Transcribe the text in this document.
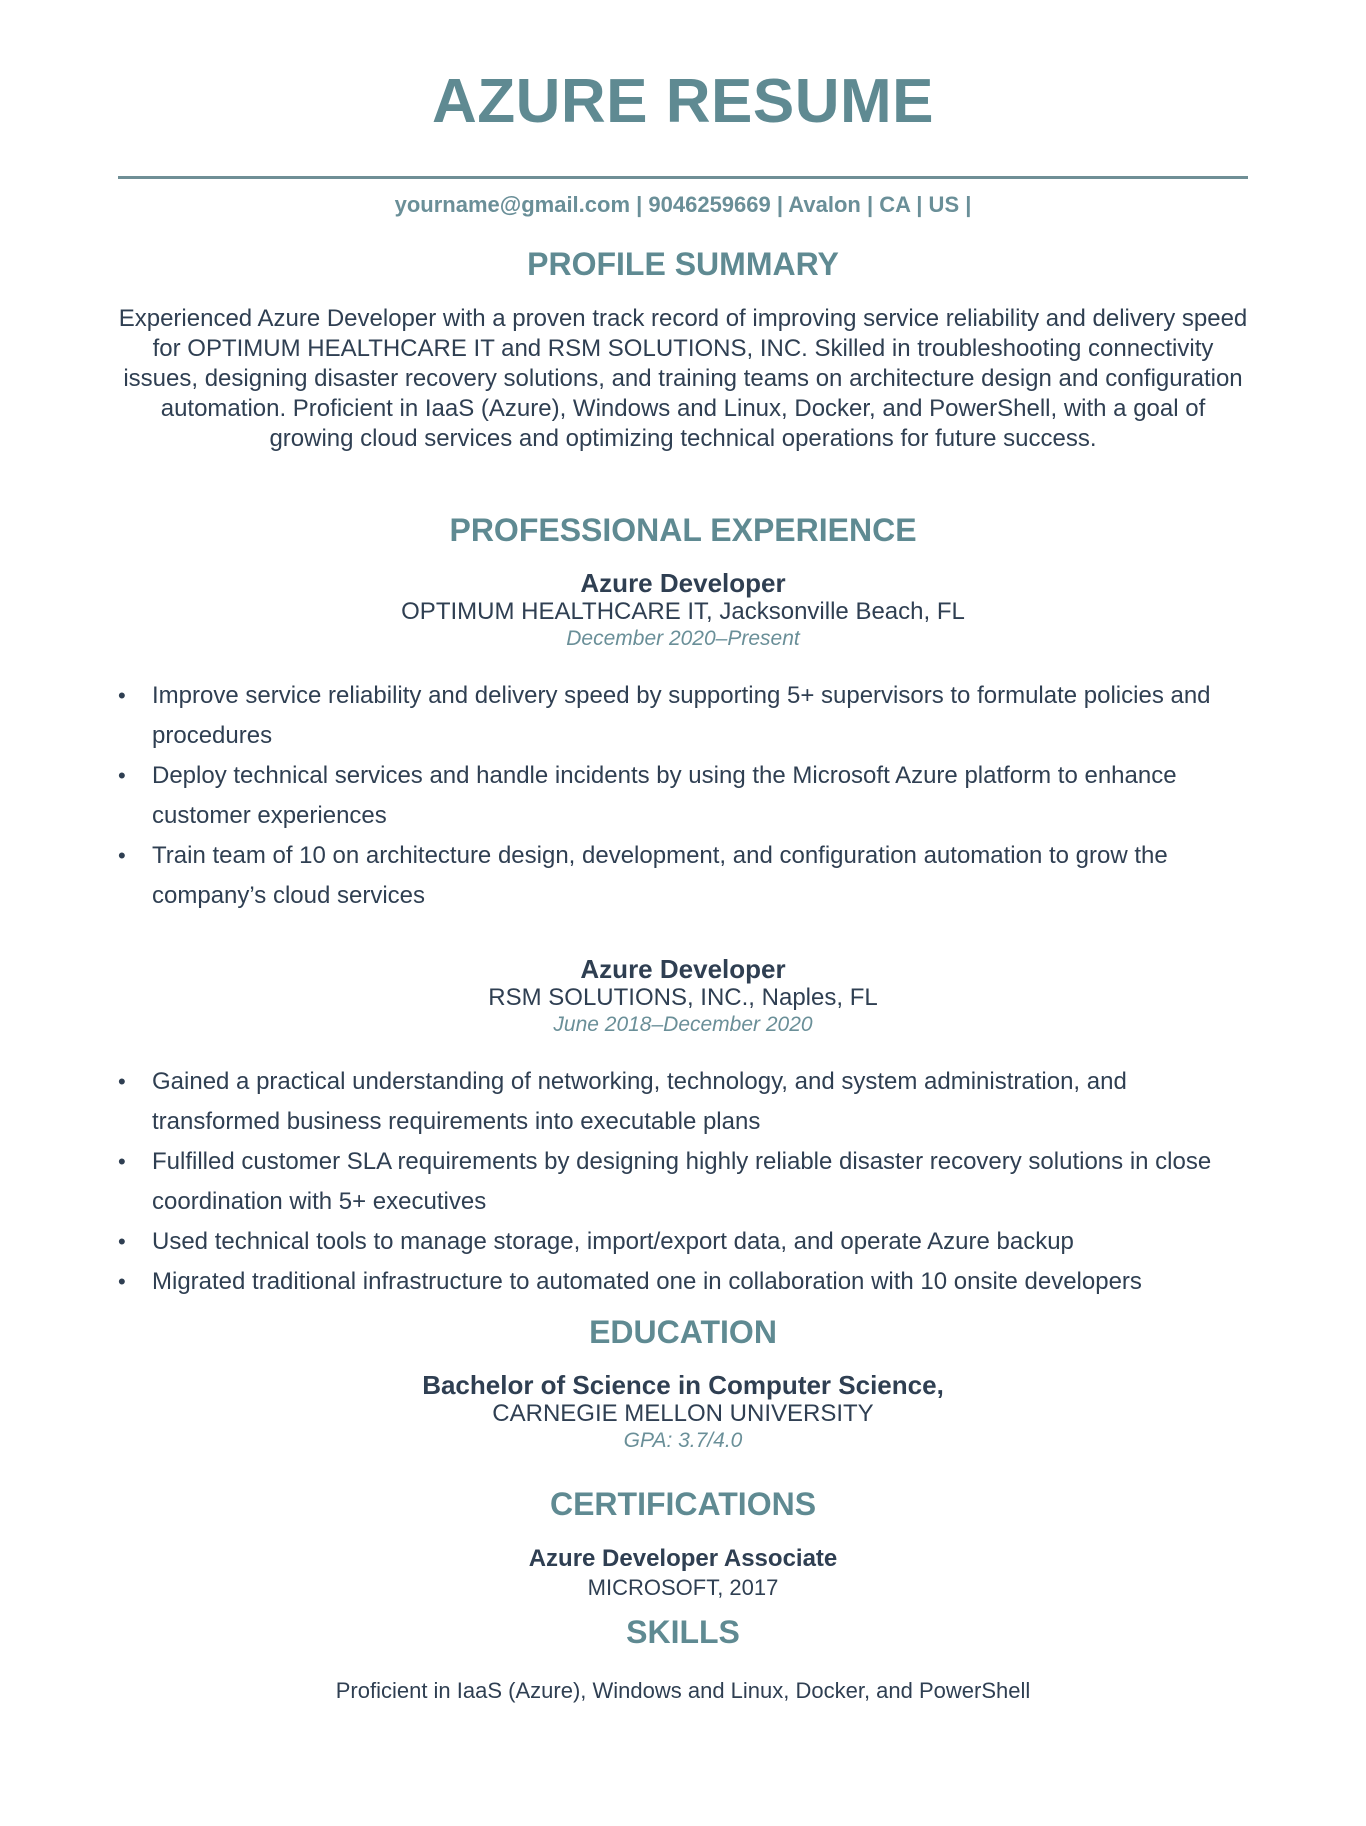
AZURE RESUME
yourname@gmail.com | 9046259669 | Avalon | CA | US |
PROFILE SUMMARY

Experienced Azure Developer with a proven track record of improving service reliability and delivery speed for OPTIMUM HEALTHCARE IT and RSM SOLUTIONS, INC. Skilled in troubleshooting connectivity issues, designing disaster recovery solutions, and training teams on architecture design and configuration automation. Proficient in IaaS (Azure), Windows and Linux, Docker, and PowerShell, with a goal of growing cloud services and optimizing technical operations for future success.

PROFESSIONAL EXPERIENCE
Azure Developer
OPTIMUM HEALTHCARE IT, Jacksonville Beach, FL
December 2020–Present
•	Improve service reliability and delivery speed by supporting 5+ supervisors to formulate policies and procedures
•	Deploy technical services and handle incidents by using the Microsoft Azure platform to enhance customer experiences
•	Train team of 10 on architecture design, development, and configuration automation to grow the company’s cloud services
Azure Developer
RSM SOLUTIONS, INC., Naples, FL
June 2018–December 2020
•	Gained a practical understanding of networking, technology, and system administration, and transformed business requirements into executable plans
•	Fulfilled customer SLA requirements by designing highly reliable disaster recovery solutions in close coordination with 5+ executives
•	Used technical tools to manage storage, import/export data, and operate Azure backup
•	Migrated traditional infrastructure to automated one in collaboration with 10 onsite developers
EDUCATION
Bachelor of Science in Computer Science,
CARNEGIE MELLON UNIVERSITY
GPA: 3.7/4.0
CERTIFICATIONS
Azure Developer Associate
MICROSOFT, 2017
SKILLS
Proficient in IaaS (Azure), Windows and Linux, Docker, and PowerShell
